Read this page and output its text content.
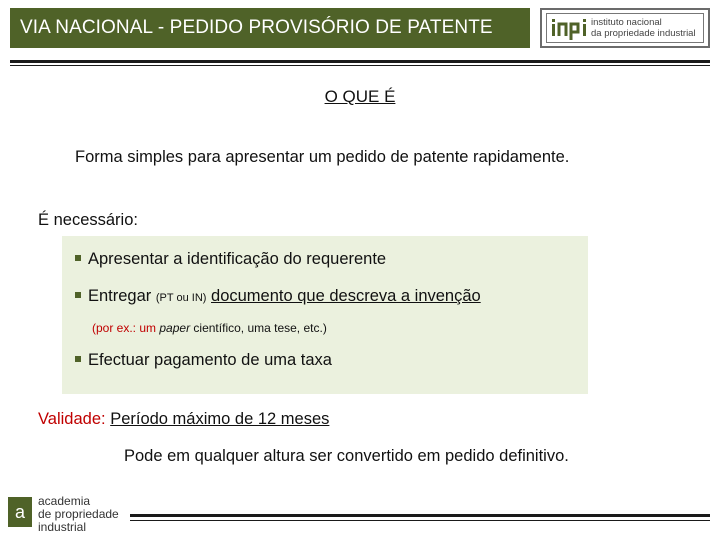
VIA NACIONAL - PEDIDO PROVISÓRIO DE PATENTE	instituto nacional
da propriedade industrial
O QUE É
Forma simples para apresentar um pedido de patente rapidamente.
É necessário:
Apresentar a identificação do requerente
Entregar (PT ou IN) documento que descreva a invenção
(por ex.: um paper científico, uma tese, etc.)
Efectuar pagamento de uma taxa
Validade: Período máximo de 12 meses
Pode em qualquer altura ser convertido em pedido definitivo.
a
academia
de propriedade
industrial
